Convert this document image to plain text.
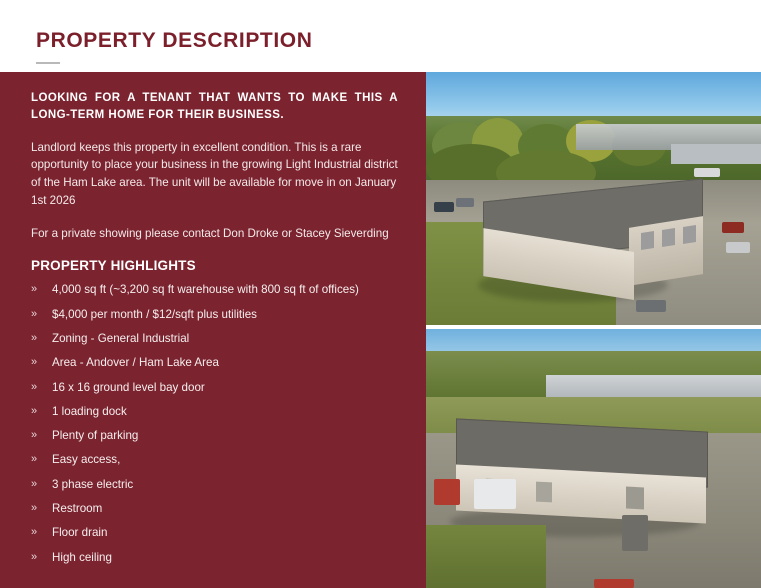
PROPERTY DESCRIPTION

LOOKING FOR A TENANT THAT WANTS TO MAKE THIS A LONG-TERM HOME FOR THEIR BUSINESS.

Landlord keeps this property in excellent condition. This is a rare opportunity to place your business in the growing Light Industrial district of the Ham Lake area. The unit will be available for move in on January 1st 2026

For a private showing please contact Don Droke or Stacey Sieverding

PROPERTY HIGHLIGHTS
» 4,000 sq ft (~3,200 sq ft warehouse with 800 sq ft of offices)
» $4,000 per month / $12/sqft plus utilities
» Zoning - General Industrial
» Area - Andover / Ham Lake Area
» 16 x 16 ground level bay door
» 1 loading dock
» Plenty of parking
» Easy access,
» 3 phase electric
» Restroom
» Floor drain
» High ceiling
